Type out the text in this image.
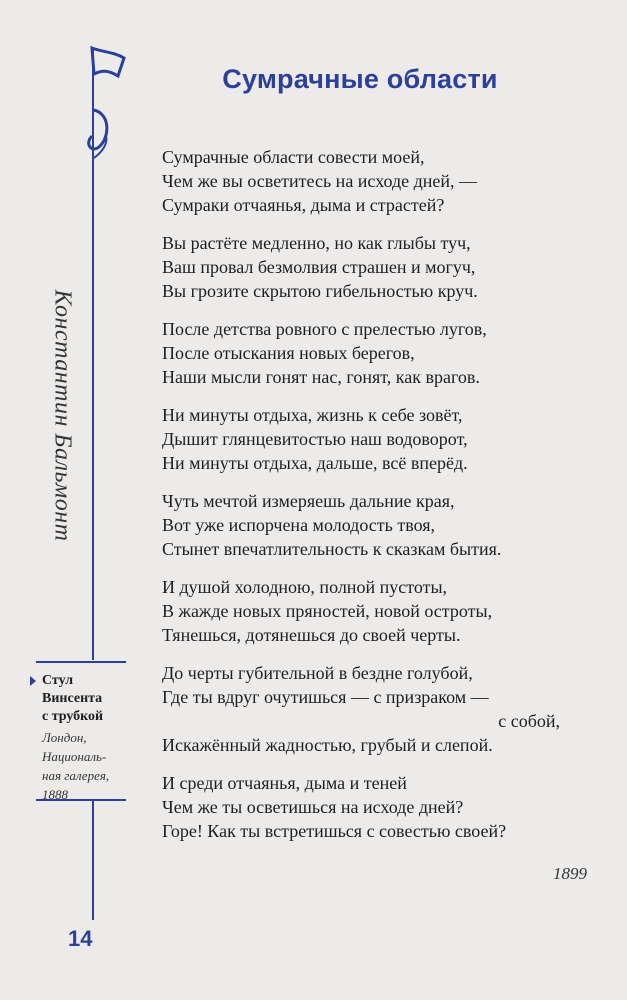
Константин Бальмонт
Стул
Винсента
с трубкой
Лондон,
Националь-
ная галерея,
1888
14
Сумрачные области
Сумрачные области совести моей,
Чем же вы осветитесь на исходе дней, —
Сумраки отчаянья, дыма и страстей?
Вы растёте медленно, но как глыбы туч,
Ваш провал безмолвия страшен и могуч,
Вы грозите скрытою гибельностью круч.
После детства ровного с прелестью лугов,
После отыскания новых берегов,
Наши мысли гонят нас, гонят, как врагов.
Ни минуты отдыха, жизнь к себе зовёт,
Дышит глянцевитостью наш водоворот,
Ни минуты отдыха, дальше, всё вперёд.
Чуть мечтой измеряешь дальние края,
Вот уже испорчена молодость твоя,
Стынет впечатлительность к сказкам бытия.
И душой холодною, полной пустоты,
В жажде новых пряностей, новой остроты,
Тянешься, дотянешься до своей черты.
До черты губительной в бездне голубой,
Где ты вдруг очутишься — с призраком —
с собой,
Искажённый жадностью, грубый и слепой.
И среди отчаянья, дыма и теней
Чем же ты осветишься на исходе дней?
Горе! Как ты встретишься с совестью своей?
1899
